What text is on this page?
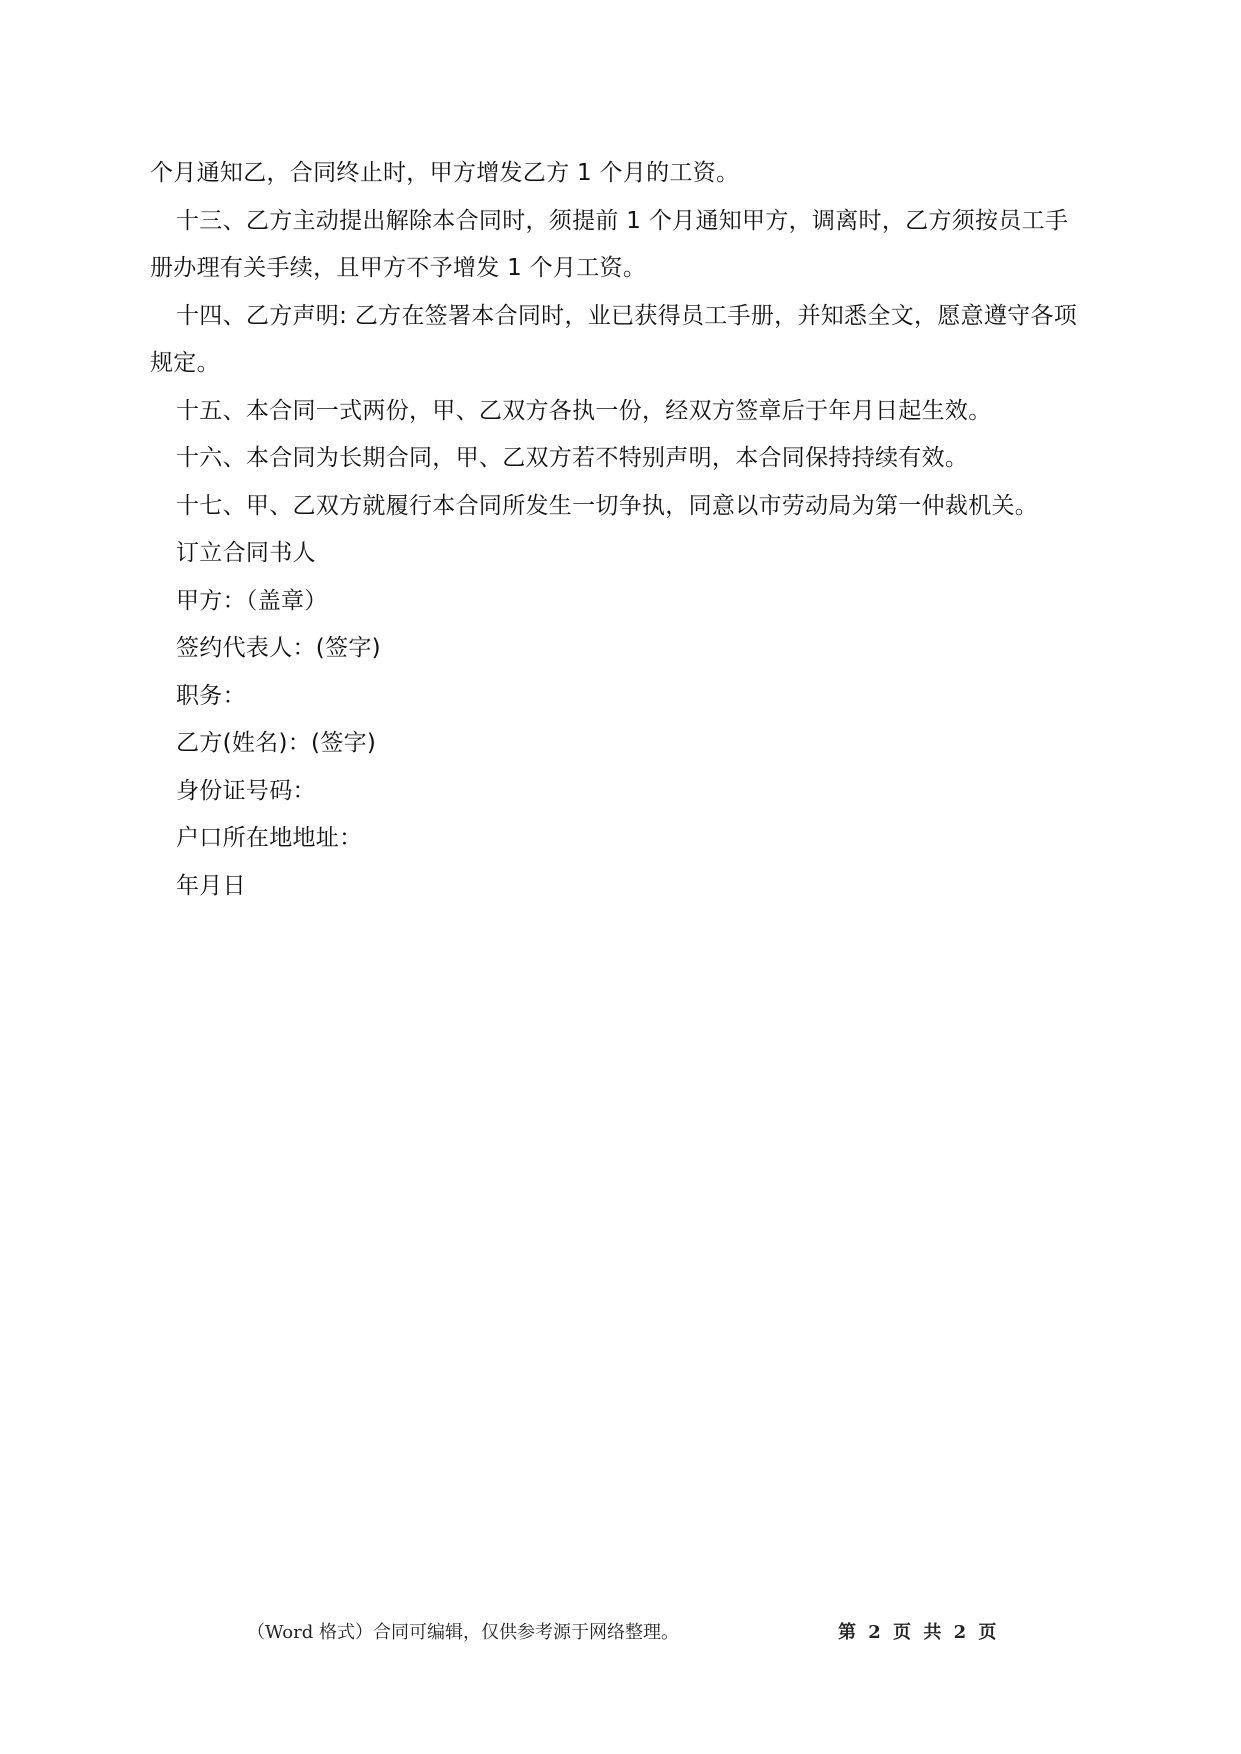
个月通知乙，合同终止时，甲方增发乙方 1 个月的工资。

十三、乙方主动提出解除本合同时，须提前 1 个月通知甲方，调离时，乙方须按员工手册办理有关手续，且甲方不予增发 1 个月工资。

十四、乙方声明: 乙方在签署本合同时，业已获得员工手册，并知悉全文，愿意遵守各项规定。

十五、本合同一式两份，甲、乙双方各执一份，经双方签章后于年月日起生效。

十六、本合同为长期合同，甲、乙双方若不特别声明，本合同保持持续有效。

十七、甲、乙双方就履行本合同所发生一切争执，同意以市劳动局为第一仲裁机关。

订立合同书人

甲方：（盖章）

签约代表人：(签字)

职务：

乙方(姓名)：(签字)

身份证号码：

户口所在地地址：

年月日

（Word 格式）合同可编辑，仅供参考源于网络整理。	第 2 页 共 2 页
